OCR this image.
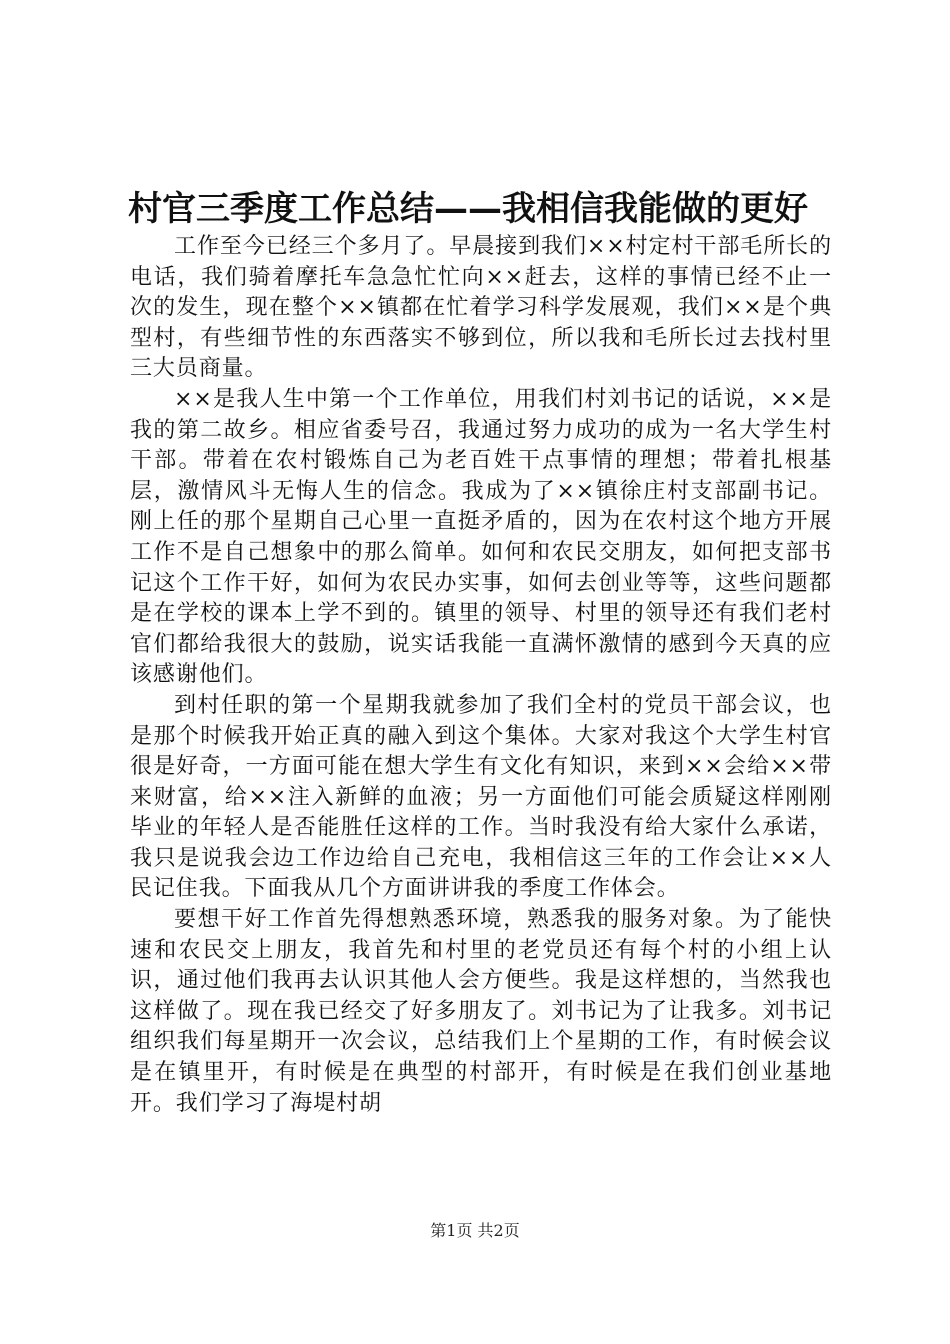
村官三季度工作总结——我相信我能做的更好

工作至今已经三个多月了。早晨接到我们××村定村干部毛所长的电话，我们骑着摩托车急急忙忙向××赶去，这样的事情已经不止一次的发生，现在整个××镇都在忙着学习科学发展观，我们××是个典型村，有些细节性的东西落实不够到位，所以我和毛所长过去找村里三大员商量。

××是我人生中第一个工作单位，用我们村刘书记的话说，××是我的第二故乡。相应省委号召，我通过努力成功的成为一名大学生村干部。带着在农村锻炼自己为老百姓干点事情的理想；带着扎根基层，激情风斗无悔人生的信念。我成为了××镇徐庄村支部副书记。刚上任的那个星期自己心里一直挺矛盾的，因为在农村这个地方开展工作不是自己想象中的那么简单。如何和农民交朋友，如何把支部书记这个工作干好，如何为农民办实事，如何去创业等等，这些问题都是在学校的课本上学不到的。镇里的领导、村里的领导还有我们老村官们都给我很大的鼓励，说实话我能一直满怀激情的感到今天真的应该感谢他们。

到村任职的第一个星期我就参加了我们全村的党员干部会议，也是那个时候我开始正真的融入到这个集体。大家对我这个大学生村官很是好奇，一方面可能在想大学生有文化有知识，来到××会给××带来财富，给××注入新鲜的血液；另一方面他们可能会质疑这样刚刚毕业的年轻人是否能胜任这样的工作。当时我没有给大家什么承诺，我只是说我会边工作边给自己充电，我相信这三年的工作会让××人民记住我。下面我从几个方面讲讲我的季度工作体会。

要想干好工作首先得想熟悉环境，熟悉我的服务对象。为了能快速和农民交上朋友，我首先和村里的老党员还有每个村的小组上认识，通过他们我再去认识其他人会方便些。我是这样想的，当然我也这样做了。现在我已经交了好多朋友了。刘书记为了让我多。刘书记组织我们每星期开一次会议，总结我们上个星期的工作，有时候会议是在镇里开，有时候是在典型的村部开，有时候是在我们创业基地开。我们学习了海堤村胡

第1页 共2页
